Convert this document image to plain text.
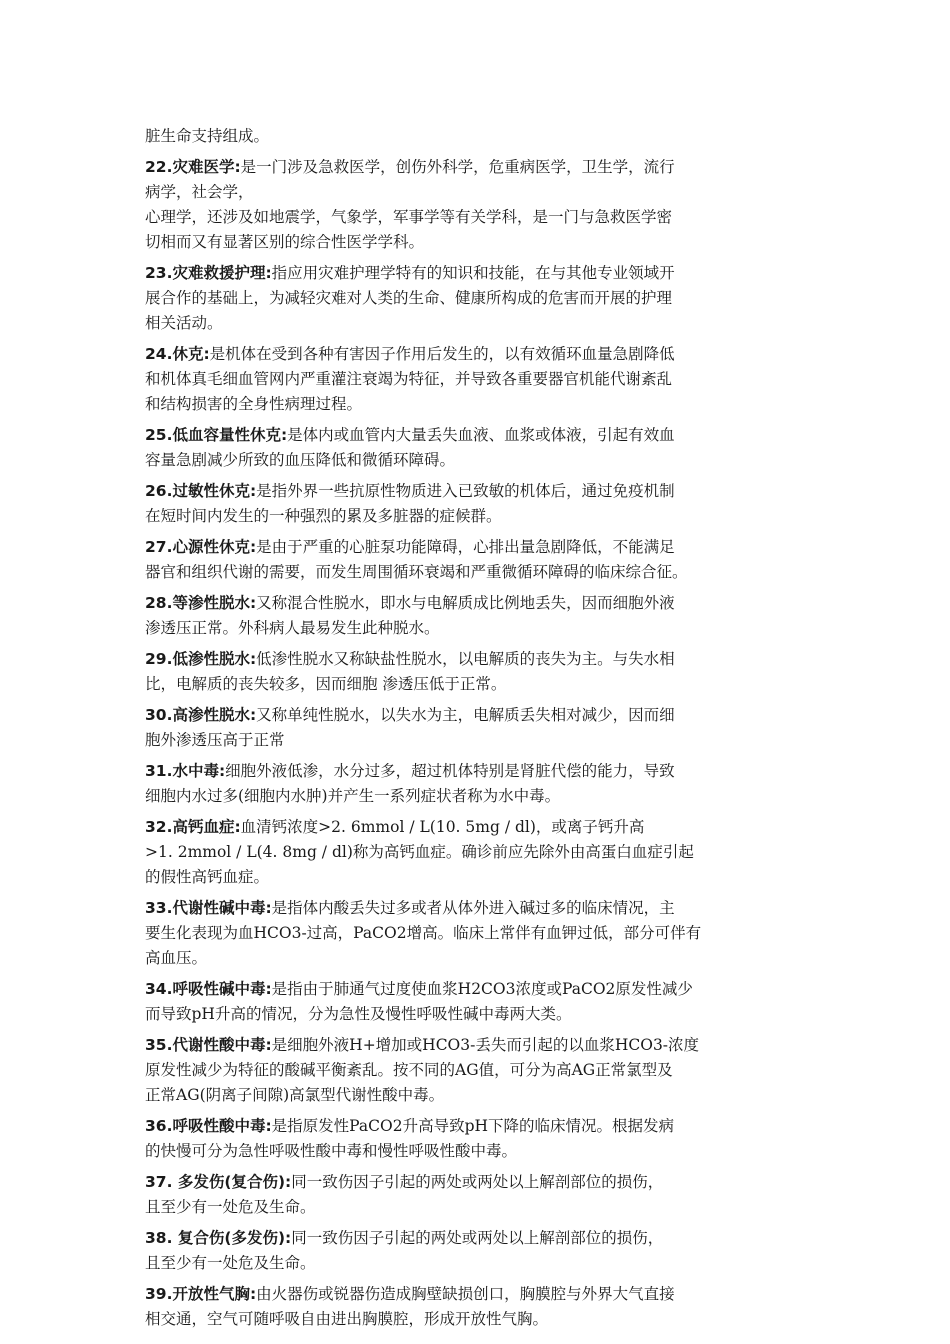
脏生命支持组成。
22.灾难医学:是一门涉及急救医学，创伤外科学，危重病医学，卫生学，流行
病学，社会学，
心理学，还涉及如地震学，气象学，军事学等有关学科，是一门与急救医学密
切相而又有显著区别的综合性医学学科。
23.灾难救援护理:指应用灾难护理学特有的知识和技能，在与其他专业领域开
展合作的基础上，为减轻灾难对人类的生命、健康所构成的危害而开展的护理
相关活动。
24.休克:是机体在受到各种有害因子作用后发生的，以有效循环血量急剧降低
和机体真毛细血管网内严重灌注衰竭为特征，并导致各重要器官机能代谢紊乱
和结构损害的全身性病理过程。
25.低血容量性休克:是体内或血管内大量丢失血液、血浆或体液，引起有效血
容量急剧减少所致的血压降低和微循环障碍。
26.过敏性休克:是指外界一些抗原性物质进入已致敏的机体后，通过免疫机制
在短时间内发生的一种强烈的累及多脏器的症候群。
27.心源性休克:是由于严重的心脏泵功能障碍，心排出量急剧降低，不能满足
器官和组织代谢的需要，而发生周围循环衰竭和严重微循环障碍的临床综合征。
28.等渗性脱水:又称混合性脱水，即水与电解质成比例地丢失，因而细胞外液
渗透压正常。外科病人最易发生此种脱水。
29.低渗性脱水:低渗性脱水又称缺盐性脱水，以电解质的丧失为主。与失水相
比，电解质的丧失较多，因而细胞 渗透压低于正常。
30.高渗性脱水:又称单纯性脱水，以失水为主，电解质丢失相对减少，因而细
胞外渗透压高于正常
31.水中毒:细胞外液低渗，水分过多，超过机体特别是肾脏代偿的能力，导致
细胞内水过多(细胞内水肿)并产生一系列症状者称为水中毒。
32.高钙血症:血清钙浓度>2. 6mmol / L(10. 5mg / dl)，或离子钙升高
>1. 2mmol / L(4. 8mg / dl)称为高钙血症。确诊前应先除外由高蛋白血症引起
的假性高钙血症。
33.代谢性碱中毒:是指体内酸丢失过多或者从体外进入碱过多的临床情况，主
要生化表现为血HCO3-过高，PaCO2增高。临床上常伴有血钾过低，部分可伴有
高血压。
34.呼吸性碱中毒:是指由于肺通气过度使血浆H2CO3浓度或PaCO2原发性减少
而导致pH升高的情况，分为急性及慢性呼吸性碱中毒两大类。
35.代谢性酸中毒:是细胞外液H+增加或HCO3-丢失而引起的以血浆HCO3-浓度
原发性减少为特征的酸碱平衡紊乱。按不同的AG值，可分为高AG正常氯型及
正常AG(阴离子间隙)高氯型代谢性酸中毒。
36.呼吸性酸中毒:是指原发性PaCO2升高导致pH下降的临床情况。根据发病
的快慢可分为急性呼吸性酸中毒和慢性呼吸性酸中毒。
37. 多发伤(复合伤):同一致伤因子引起的两处或两处以上解剖部位的损伤，
且至少有一处危及生命。
38. 复合伤(多发伤):同一致伤因子引起的两处或两处以上解剖部位的损伤，
且至少有一处危及生命。
39.开放性气胸:由火器伤或锐器伤造成胸壁缺损创口，胸膜腔与外界大气直接
相交通，空气可随呼吸自由进出胸膜腔，形成开放性气胸。
